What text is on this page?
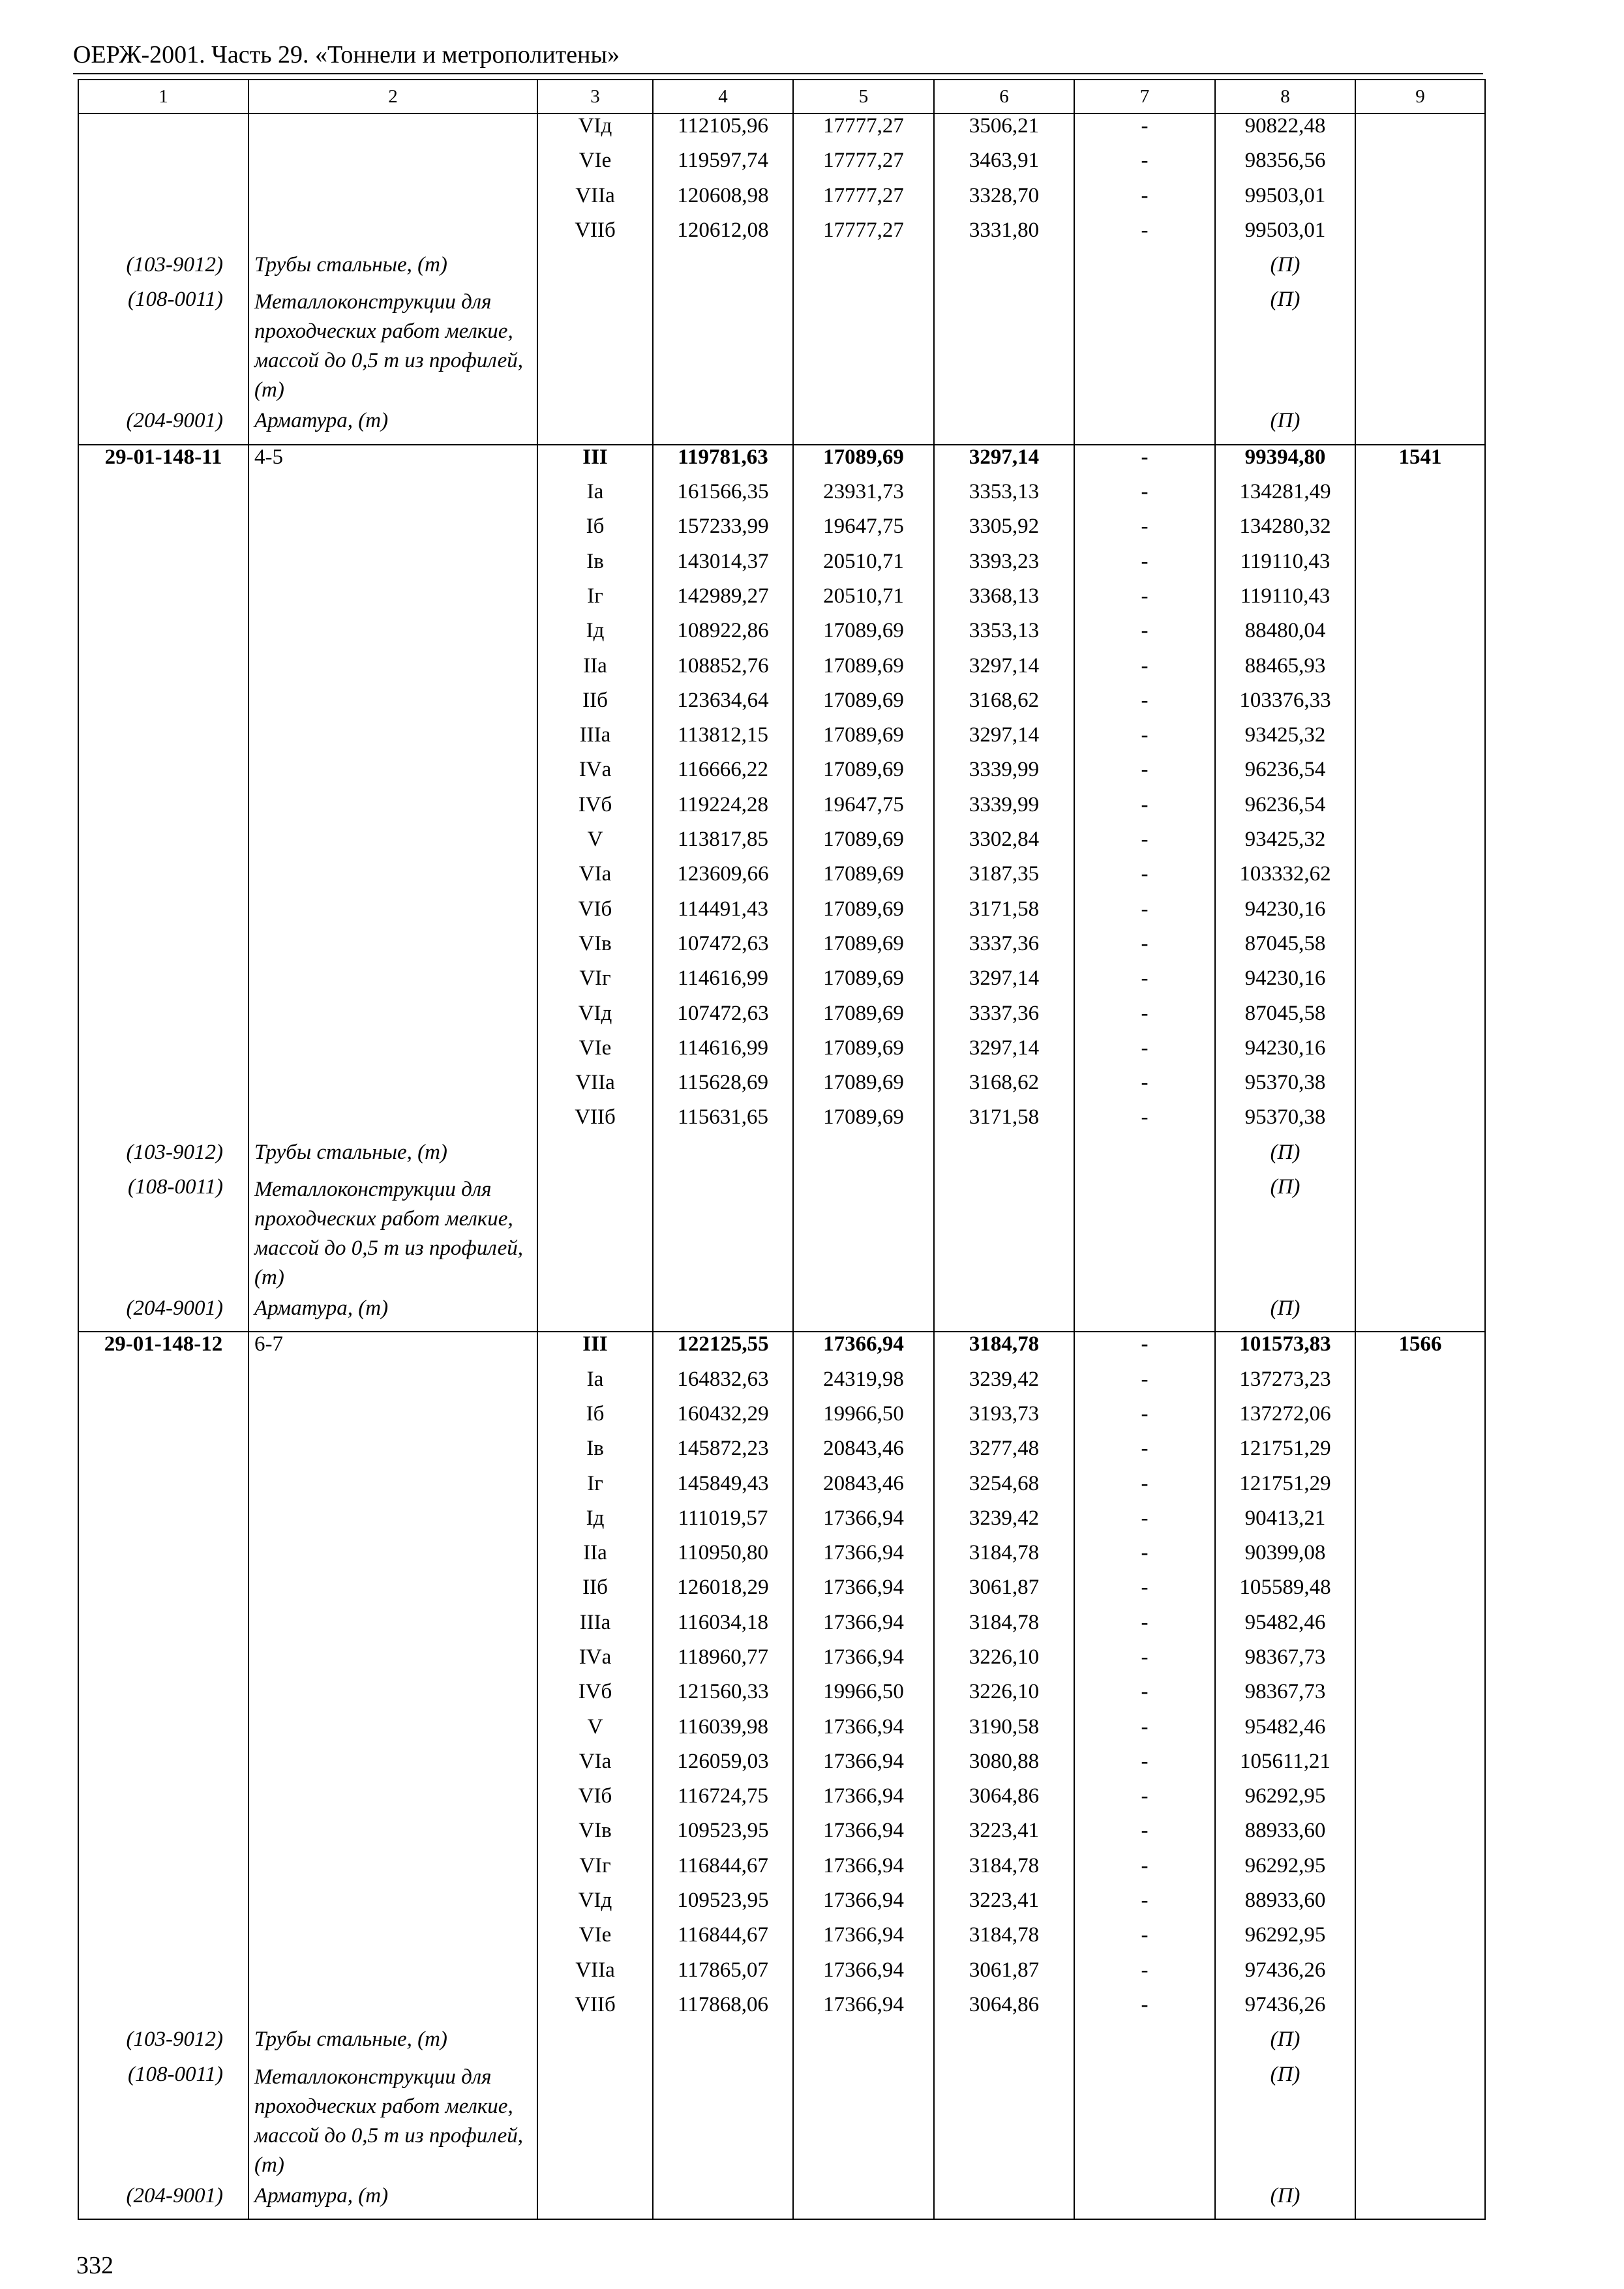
ОЕРЖ-2001. Часть 29. «Тоннели и метрополитены»
1	2	3	4	5	6	7	8	9
		VIд	112105,96	17777,27	3506,21	-	90822,48	
		VIе	119597,74	17777,27	3463,91	-	98356,56	
		VIIа	120608,98	17777,27	3328,70	-	99503,01	
		VIIб	120612,08	17777,27	3331,80	-	99503,01	
(103-9012)	Трубы стальные, (т)						(П)	
(108-0011)	Металлоконструкции для проходческих работ мелкие, массой до 0,5 т из профилей, (т)						(П)	
(204-9001)	Арматура, (т)						(П)	
29-01-148-11	4-5	III	119781,63	17089,69	3297,14	-	99394,80	1541
		Iа	161566,35	23931,73	3353,13	-	134281,49	
		Iб	157233,99	19647,75	3305,92	-	134280,32	
		Iв	143014,37	20510,71	3393,23	-	119110,43	
		Iг	142989,27	20510,71	3368,13	-	119110,43	
		Iд	108922,86	17089,69	3353,13	-	88480,04	
		IIа	108852,76	17089,69	3297,14	-	88465,93	
		IIб	123634,64	17089,69	3168,62	-	103376,33	
		IIIа	113812,15	17089,69	3297,14	-	93425,32	
		IVа	116666,22	17089,69	3339,99	-	96236,54	
		IVб	119224,28	19647,75	3339,99	-	96236,54	
		V	113817,85	17089,69	3302,84	-	93425,32	
		VIа	123609,66	17089,69	3187,35	-	103332,62	
		VIб	114491,43	17089,69	3171,58	-	94230,16	
		VIв	107472,63	17089,69	3337,36	-	87045,58	
		VIг	114616,99	17089,69	3297,14	-	94230,16	
		VIд	107472,63	17089,69	3337,36	-	87045,58	
		VIе	114616,99	17089,69	3297,14	-	94230,16	
		VIIа	115628,69	17089,69	3168,62	-	95370,38	
		VIIб	115631,65	17089,69	3171,58	-	95370,38	
(103-9012)	Трубы стальные, (т)						(П)	
(108-0011)	Металлоконструкции для проходческих работ мелкие, массой до 0,5 т из профилей, (т)						(П)	
(204-9001)	Арматура, (т)						(П)	
29-01-148-12	6-7	III	122125,55	17366,94	3184,78	-	101573,83	1566
		Iа	164832,63	24319,98	3239,42	-	137273,23	
		Iб	160432,29	19966,50	3193,73	-	137272,06	
		Iв	145872,23	20843,46	3277,48	-	121751,29	
		Iг	145849,43	20843,46	3254,68	-	121751,29	
		Iд	111019,57	17366,94	3239,42	-	90413,21	
		IIа	110950,80	17366,94	3184,78	-	90399,08	
		IIб	126018,29	17366,94	3061,87	-	105589,48	
		IIIа	116034,18	17366,94	3184,78	-	95482,46	
		IVа	118960,77	17366,94	3226,10	-	98367,73	
		IVб	121560,33	19966,50	3226,10	-	98367,73	
		V	116039,98	17366,94	3190,58	-	95482,46	
		VIа	126059,03	17366,94	3080,88	-	105611,21	
		VIб	116724,75	17366,94	3064,86	-	96292,95	
		VIв	109523,95	17366,94	3223,41	-	88933,60	
		VIг	116844,67	17366,94	3184,78	-	96292,95	
		VIд	109523,95	17366,94	3223,41	-	88933,60	
		VIе	116844,67	17366,94	3184,78	-	96292,95	
		VIIа	117865,07	17366,94	3061,87	-	97436,26	
		VIIб	117868,06	17366,94	3064,86	-	97436,26	
(103-9012)	Трубы стальные, (т)						(П)	
(108-0011)	Металлоконструкции для проходческих работ мелкие, массой до 0,5 т из профилей, (т)						(П)	
(204-9001)	Арматура, (т)						(П)	
332
